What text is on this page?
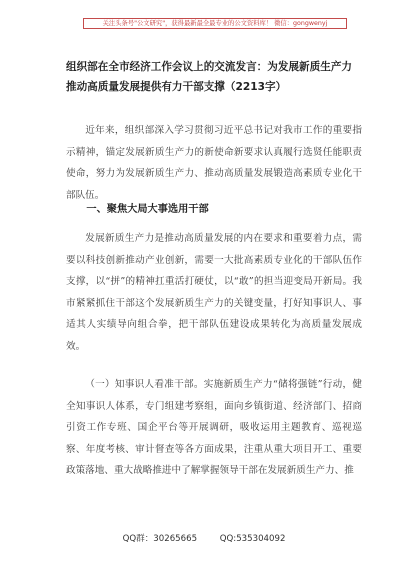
关注头条号"公文研究"，获得最新最全最专业的公文资料库！ 微信：gongwenyj
组织部在全市经济工作会议上的交流发言：为发展新质生产力推动高质量发展提供有力干部支撑（2213字）

近年来，组织部深入学习贯彻习近平总书记对我市工作的重要指示精神，锚定发展新质生产力的新使命新要求认真履行选贤任能职责使命，努力为发展新质生产力、推动高质量发展锻造高素质专业化干部队伍。

一、聚焦大局大事选用干部

发展新质生产力是推动高质量发展的内在要求和重要着力点，需要以科技创新推动产业创新，需要一大批高素质专业化的干部队伍作支撑，以“拼”的精神扛重活打硬仗，以“敢”的担当迎变局开新局。我市紧紧抓住干部这个发展新质生产力的关键变量，打好知事识人、事适其人实绩导向组合拳，把干部队伍建设成果转化为高质量发展成效。

（一）知事识人看准干部。实施新质生产力“储将强链”行动，健全知事识人体系，专门组建考察组，面向乡镇街道、经济部门、招商引资工作专班、国企平台等开展调研，吸收运用主题教育、巡视巡察、年度考核、审计督查等各方面成果，注重从重大项目开工、重要政策落地、重大战略推进中了解掌握领导干部在发展新质生产力、推

QQ群：30265665	QQ:535304092
